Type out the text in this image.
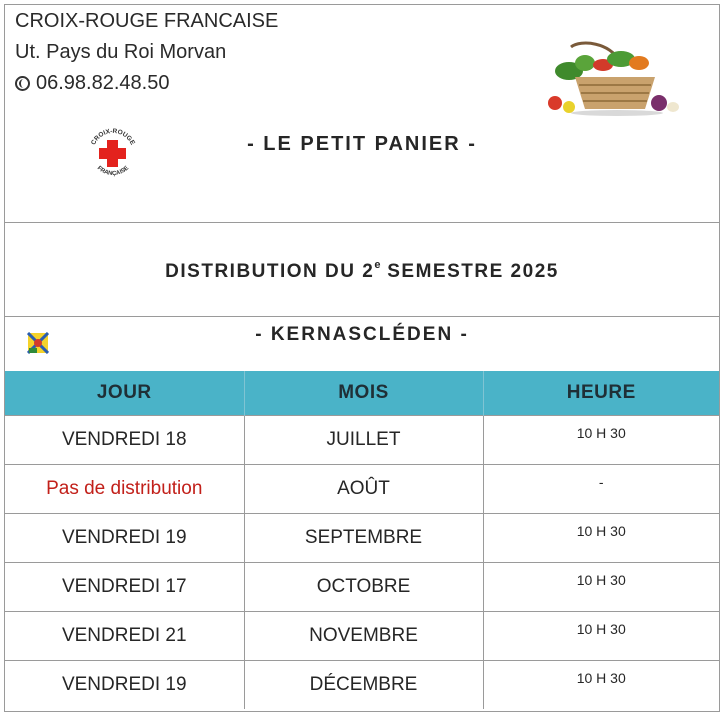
CROIX-ROUGE FRANCAISE
Ut. Pays du Roi Morvan
06.98.82.48.50
CROIX-ROUGE
FRANÇAISE
- LE PETIT PANIER -
DISTRIBUTION DU 2e SEMESTRE 2025
- KERNASCLÉDEN -
JOUR	MOIS	HEURE
VENDREDI 18	JUILLET	10 H 30
Pas de distribution	AOÛT	-
VENDREDI 19	SEPTEMBRE	10 H 30
VENDREDI 17	OCTOBRE	10 H 30
VENDREDI 21	NOVEMBRE	10 H 30
VENDREDI 19	DÉCEMBRE	10 H 30
